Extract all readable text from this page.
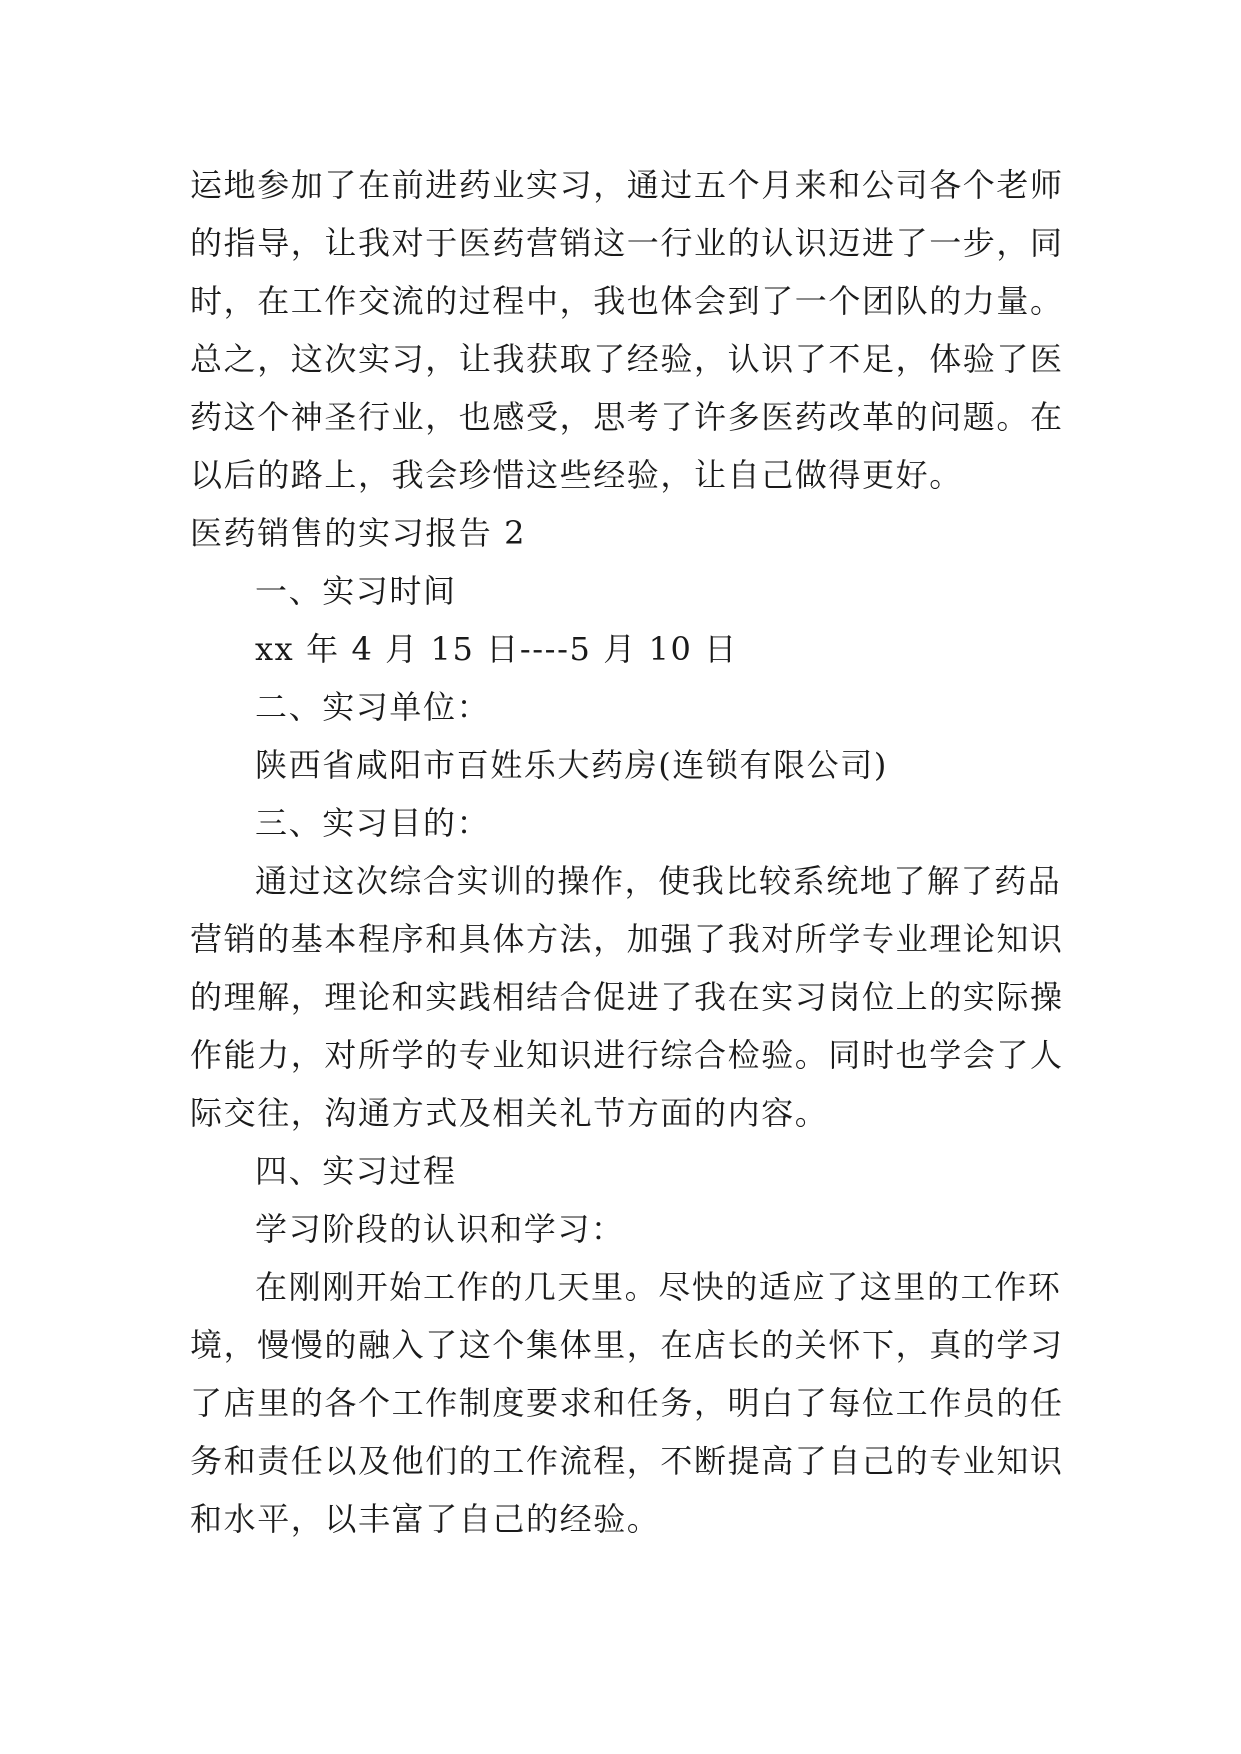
运地参加了在前进药业实习，通过五个月来和公司各个老师

的指导，让我对于医药营销这一行业的认识迈进了一步，同

时，在工作交流的过程中，我也体会到了一个团队的力量。

总之，这次实习，让我获取了经验，认识了不足，体验了医

药这个神圣行业，也感受，思考了许多医药改革的问题。在

以后的路上，我会珍惜这些经验，让自己做得更好。

医药销售的实习报告 2

一、实习时间

xx 年 4 月 15 日----5 月 10 日

二、实习单位：

陕西省咸阳市百姓乐大药房(连锁有限公司)

三、实习目的：

通过这次综合实训的操作，使我比较系统地了解了药品

营销的基本程序和具体方法，加强了我对所学专业理论知识

的理解，理论和实践相结合促进了我在实习岗位上的实际操

作能力，对所学的专业知识进行综合检验。同时也学会了人

际交往，沟通方式及相关礼节方面的内容。

四、实习过程

学习阶段的认识和学习：

在刚刚开始工作的几天里。尽快的适应了这里的工作环

境，慢慢的融入了这个集体里，在店长的关怀下，真的学习

了店里的各个工作制度要求和任务，明白了每位工作员的任

务和责任以及他们的工作流程，不断提高了自己的专业知识

和水平，以丰富了自己的经验。
